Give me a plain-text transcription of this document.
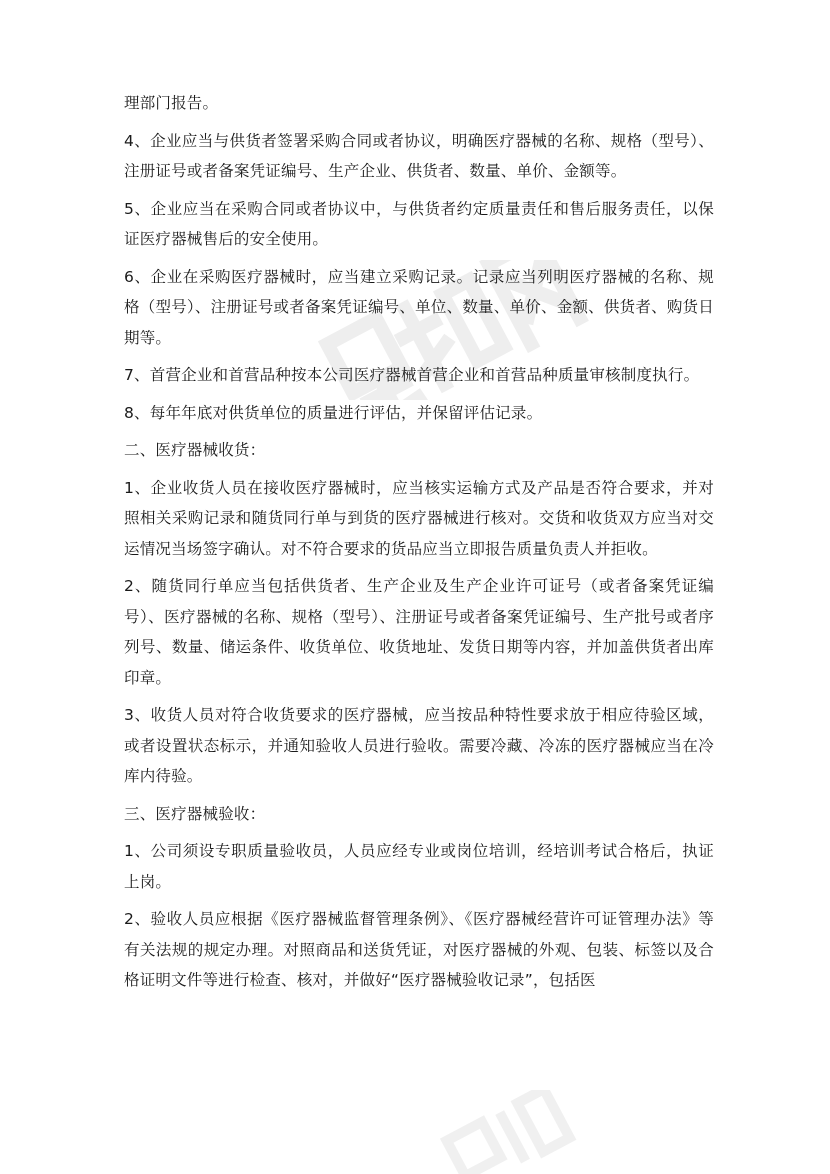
理部门报告。

4、企业应当与供货者签署采购合同或者协议，明确医疗器械的名称、规格（型号）、注册证号或者备案凭证编号、生产企业、供货者、数量、单价、金额等。

5、企业应当在采购合同或者协议中，与供货者约定质量责任和售后服务责任，以保证医疗器械售后的安全使用。

6、企业在采购医疗器械时，应当建立采购记录。记录应当列明医疗器械的名称、规格（型号）、注册证号或者备案凭证编号、单位、数量、单价、金额、供货者、购货日期等。

7、首营企业和首营品种按本公司医疗器械首营企业和首营品种质量审核制度执行。

8、每年年底对供货单位的质量进行评估，并保留评估记录。

二、医疗器械收货：

1、企业收货人员在接收医疗器械时，应当核实运输方式及产品是否符合要求，并对照相关采购记录和随货同行单与到货的医疗器械进行核对。交货和收货双方应当对交运情况当场签字确认。对不符合要求的货品应当立即报告质量负责人并拒收。

2、随货同行单应当包括供货者、生产企业及生产企业许可证号（或者备案凭证编号）、医疗器械的名称、规格（型号）、注册证号或者备案凭证编号、生产批号或者序列号、数量、储运条件、收货单位、收货地址、发货日期等内容，并加盖供货者出库印章。

3、收货人员对符合收货要求的医疗器械，应当按品种特性要求放于相应待验区域，或者设置状态标示，并通知验收人员进行验收。需要冷藏、冷冻的医疗器械应当在冷库内待验。

三、医疗器械验收：

1、公司须设专职质量验收员，人员应经专业或岗位培训，经培训考试合格后，执证上岗。

2、验收人员应根据《医疗器械监督管理条例》、《医疗器械经营许可证管理办法》等有关法规的规定办理。对照商品和送货凭证，对医疗器械的外观、包装、标签以及合格证明文件等进行检查、核对，并做好“医疗器械验收记录”，包括医
